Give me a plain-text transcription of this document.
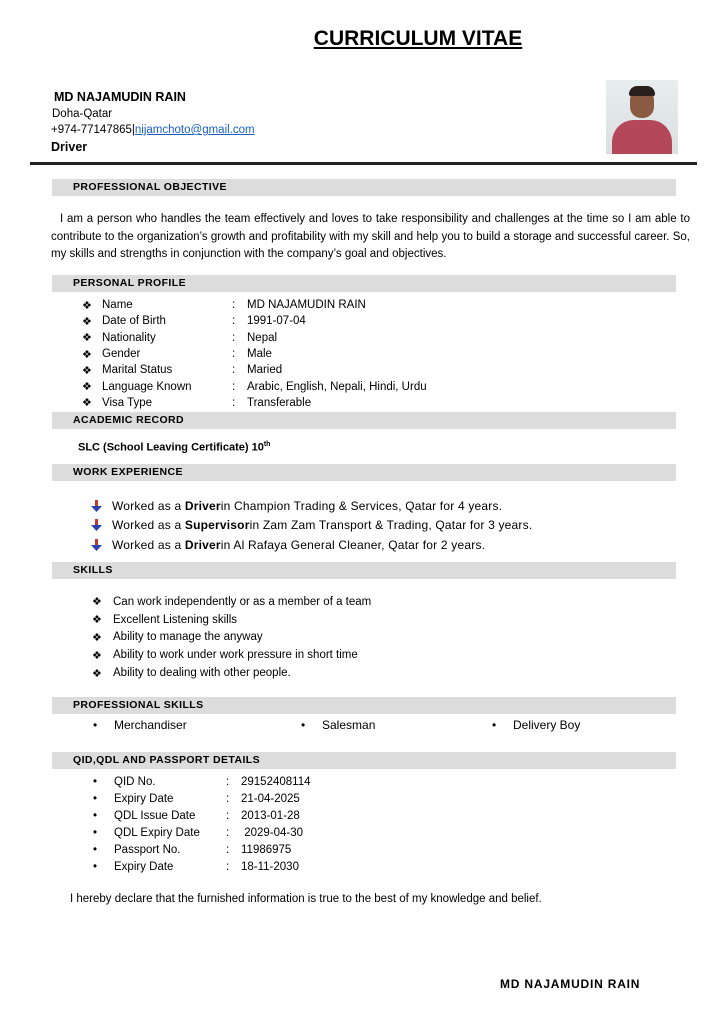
CURRICULUM VITAE
MD NAJAMUDIN RAIN
Doha-Qatar
+974-77147865|nijamchoto@gmail.com
Driver
PROFESSIONAL OBJECTIVE
I am a person who handles the team effectively and loves to take responsibility and challenges at the time so I am able to contribute to the organization’s growth and profitability with my skill and help you to build a storage and successful career. So, my skills and strengths in conjunction with the company’s goal and objectives.
PERSONAL PROFILE
❖ Name	:	MD NAJAMUDIN RAIN
❖ Date of Birth	:	1991-07-04
❖ Nationality	:	Nepal
❖ Gender	:	Male
❖ Marital Status	:	Maried
❖ Language Known	:	Arabic, English, Nepali, Hindi, Urdu
❖ Visa Type	:	Transferable
ACADEMIC RECORD
SLC (School Leaving Certificate) 10th
WORK EXPERIENCE
Worked as a
Driver in Champion Trading & Services, Qatar for 4 years.
Worked as a
Supervisor in Zam Zam Transport & Trading, Qatar for 3 years.
Worked as a
Driver in Al Rafaya General Cleaner, Qatar for 2 years.
SKILLS
❖ Can work independently or as a member of a team
❖ Excellent Listening skills
❖ Ability to manage the anyway
❖ Ability to work under work pressure in short time
❖ Ability to dealing with other people.
PROFESSIONAL SKILLS
•	Merchandiser	•	Salesman	•	Delivery Boy
QID,QDL AND PASSPORT DETAILS
•	QID No.	:	29152408114
•	Expiry Date	:	21-04-2025
•	QDL Issue Date	:	2013-01-28
•	QDL Expiry Date	:	2029-04-30
•	Passport No.	:	11986975
•	Expiry Date	:	18-11-2030
I hereby declare that the furnished information is true to the best of my knowledge and belief.
MD NAJAMUDIN RAIN
